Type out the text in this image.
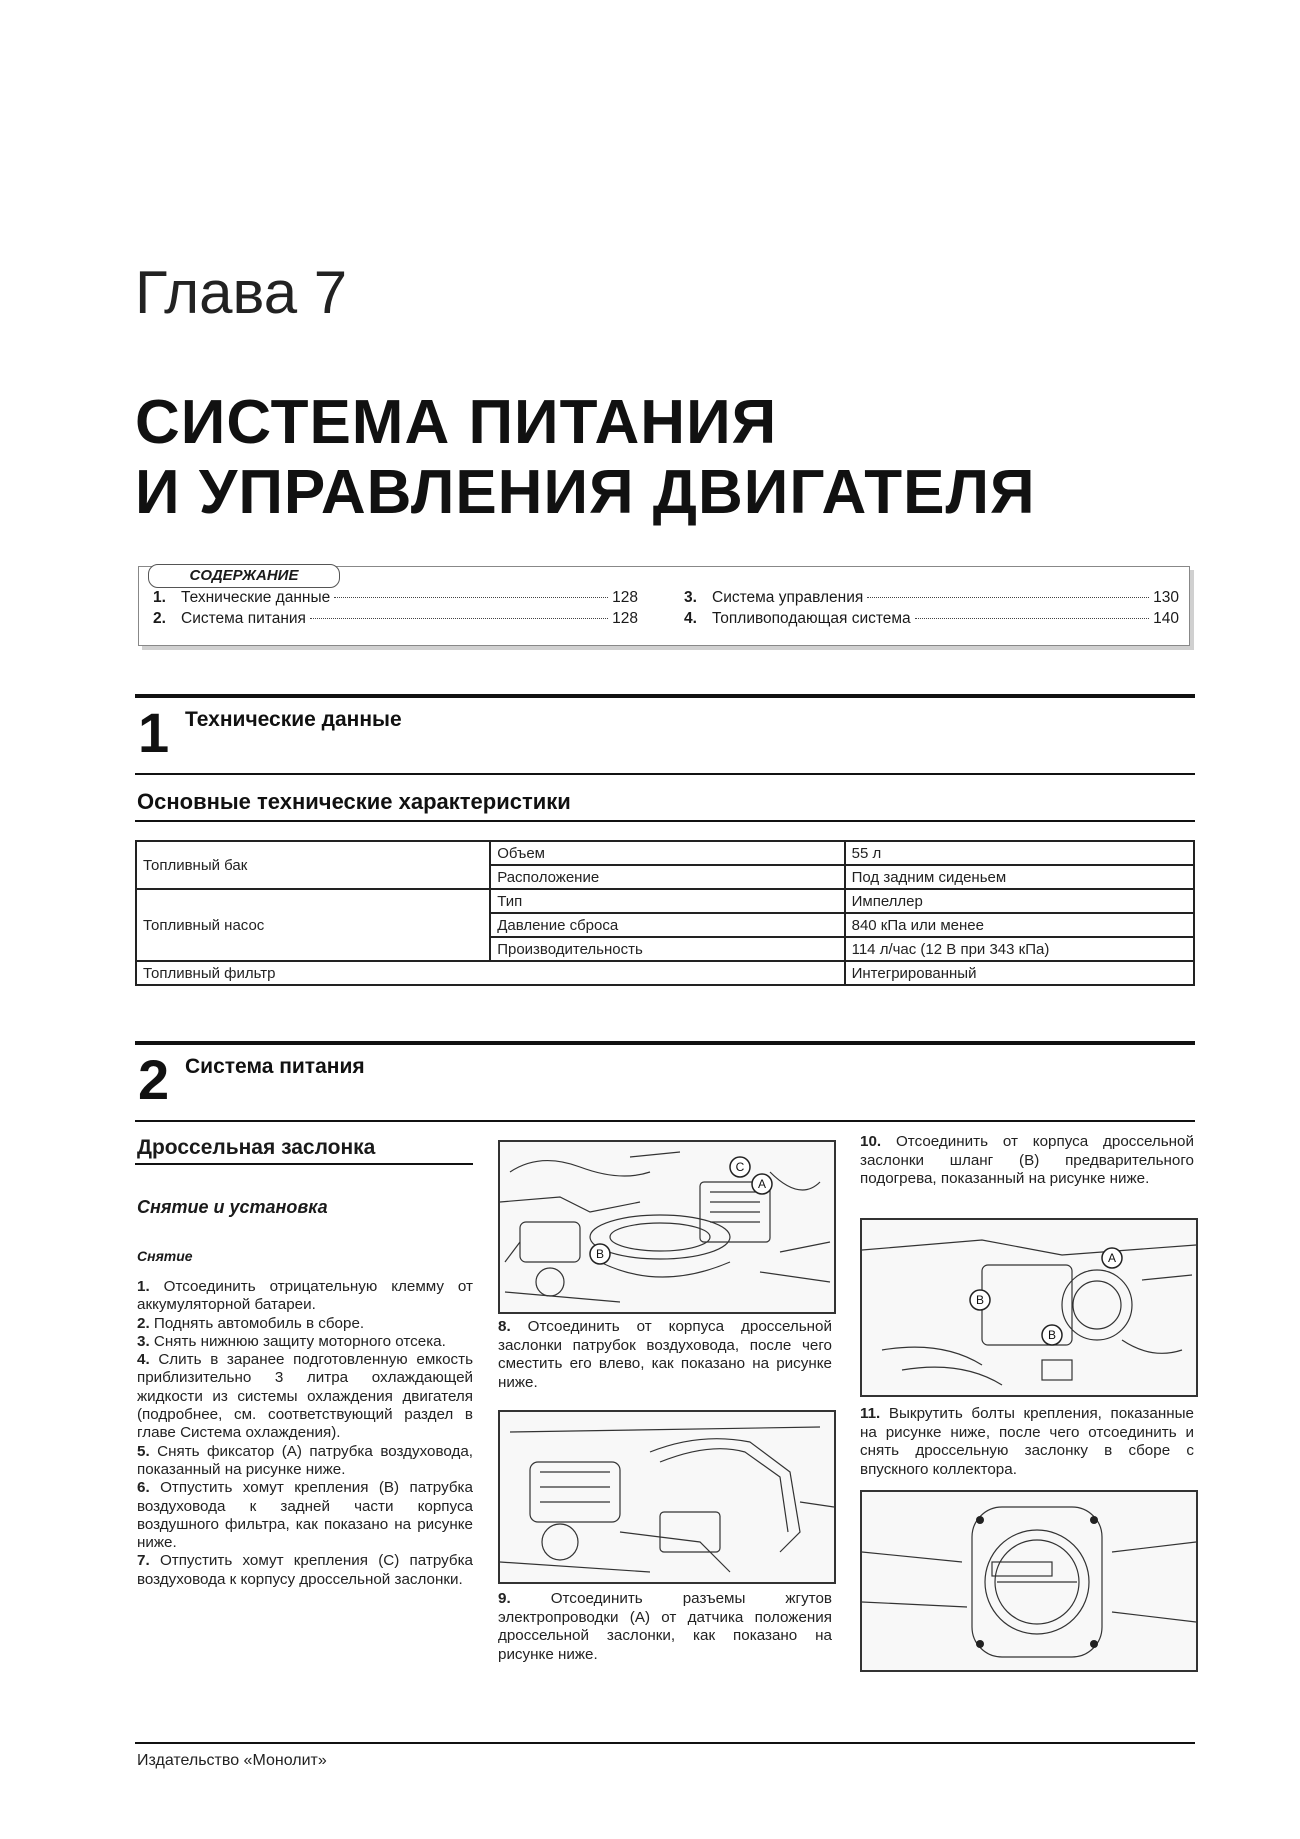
Глава 7
СИСТЕМА ПИТАНИЯ
И УПРАВЛЕНИЯ ДВИГАТЕЛЯ
1. Технические данные	128
2. Система питания	128
3. Система управления	130
4. Топливоподающая система	140
СОДЕРЖАНИЕ
1 Технические данные
Основные технические характеристики
Топливный бак	Объем	55 л
	Расположение	Под задним сиденьем
Топливный насос	Тип	Импеллер
	Давление сброса	840 кПа или менее
	Производительность	114 л/час (12 В при 343 кПа)
Топливный фильтр		Интегрированный
2 Система питания
Дроссельная заслонка
Снятие и установка
Снятие
1. Отсоединить отрицательную клемму от аккумуляторной батареи.
2. Поднять автомобиль в сборе.
3. Снять нижнюю защиту моторного отсека.
4. Слить в заранее подготовленную емкость приблизительно 3 литра охлаждающей жидкости из системы охлаждения двигателя (подробнее, см. соответствующий раздел в главе Система охлаждения).
5. Снять фиксатор (А) патрубка воздуховода, показанный на рисунке ниже.
6. Отпустить хомут крепления (В) патрубка воздуховода к задней части корпуса воздушного фильтра, как показано на рисунке ниже.
7. Отпустить хомут крепления (С) патрубка воздуховода к корпусу дроссельной заслонки.
C
A
B
8. Отсоединить от корпуса дроссельной заслонки патрубок воздуховода, после чего сместить его влево, как показано на рисунке ниже.
9.	Отсоединить разъемы жгутов электропроводки (А) от датчика положения дроссельной заслонки, как показано на рисунке ниже.
10. Отсоединить от корпуса дроссельной заслонки шланг (В) предварительного подогрева, показанный на рисунке ниже.
A
B
B
11. Выкрутить болты крепления, показанные на рисунке ниже, после чего отсоединить и снять дроссельную заслонку в сборе с впускного коллектора.
Издательство «Монолит»
